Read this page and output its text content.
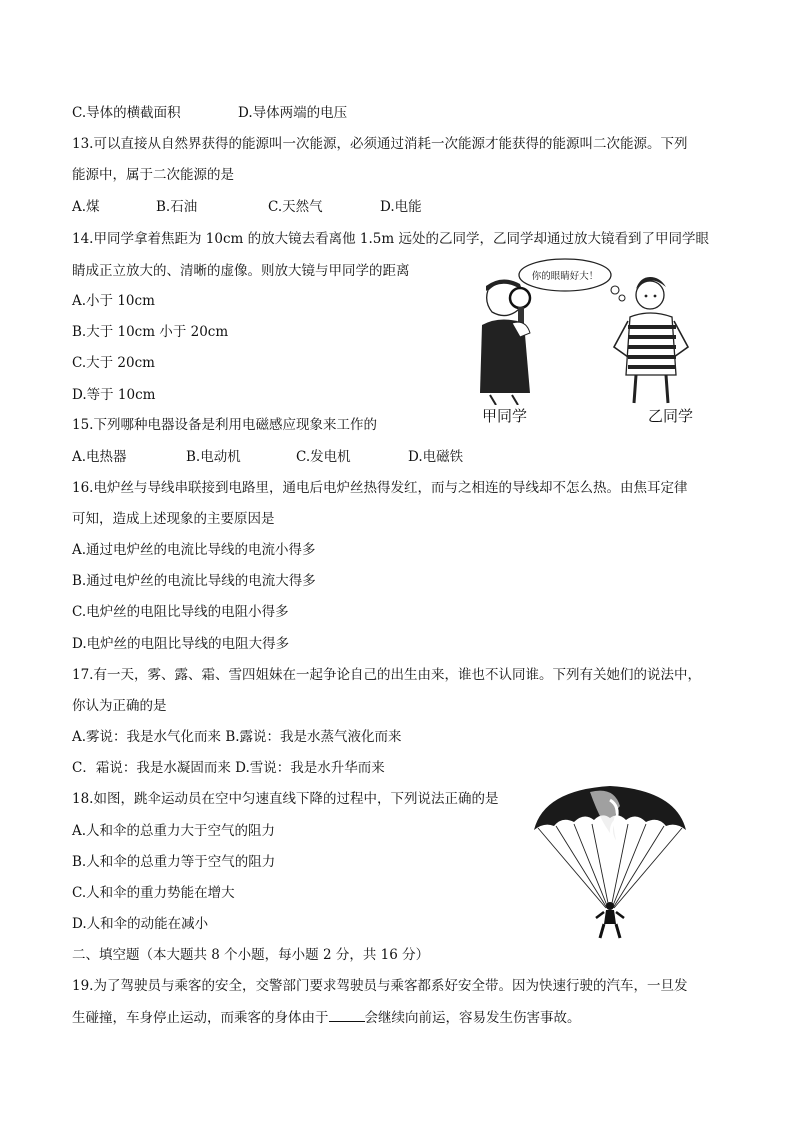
C.导体的横截面积	D.导体两端的电压
13.可以直接从自然界获得的能源叫一次能源，必须通过消耗一次能源才能获得的能源叫二次能源。下列
能源中，属于二次能源的是
A.煤	B.石油	C.天然气	D.电能
14.甲同学拿着焦距为 10cm 的放大镜去看离他 1.5m 远处的乙同学，乙同学却通过放大镜看到了甲同学眼
睛成正立放大的、清晰的虚像。则放大镜与甲同学的距离
A.小于 10cm
B.大于 10cm 小于 20cm
C.大于 20cm
D.等于 10cm
你的眼睛好大！
甲同学	乙同学
15.下列哪种电器设备是利用电磁感应现象来工作的
A.电热器	B.电动机	C.发电机	D.电磁铁
16.电炉丝与导线串联接到电路里，通电后电炉丝热得发红，而与之相连的导线却不怎么热。由焦耳定律
可知，造成上述现象的主要原因是
A.通过电炉丝的电流比导线的电流小得多
B.通过电炉丝的电流比导线的电流大得多
C.电炉丝的电阻比导线的电阻小得多
D.电炉丝的电阻比导线的电阻大得多
17.有一天，雾、露、霜、雪四姐妹在一起争论自己的出生由来，谁也不认同谁。下列有关她们的说法中，
你认为正确的是
A.雾说：我是水气化而来 B.露说：我是水蒸气液化而来
C．霜说：我是水凝固而来 D.雪说：我是水升华而来
18.如图，跳伞运动员在空中匀速直线下降的过程中，下列说法正确的是
A.人和伞的总重力大于空气的阻力
B.人和伞的总重力等于空气的阻力
C.人和伞的重力势能在增大
D.人和伞的动能在减小
二、填空题（本大题共 8 个小题，每小题 2 分，共 16 分）
19.为了驾驶员与乘客的安全，交警部门要求驾驶员与乘客都系好安全带。因为快速行驶的汽车，一旦发
生碰撞，车身停止运动，而乘客的身体由于	会继续向前运，容易发生伤害事故。
